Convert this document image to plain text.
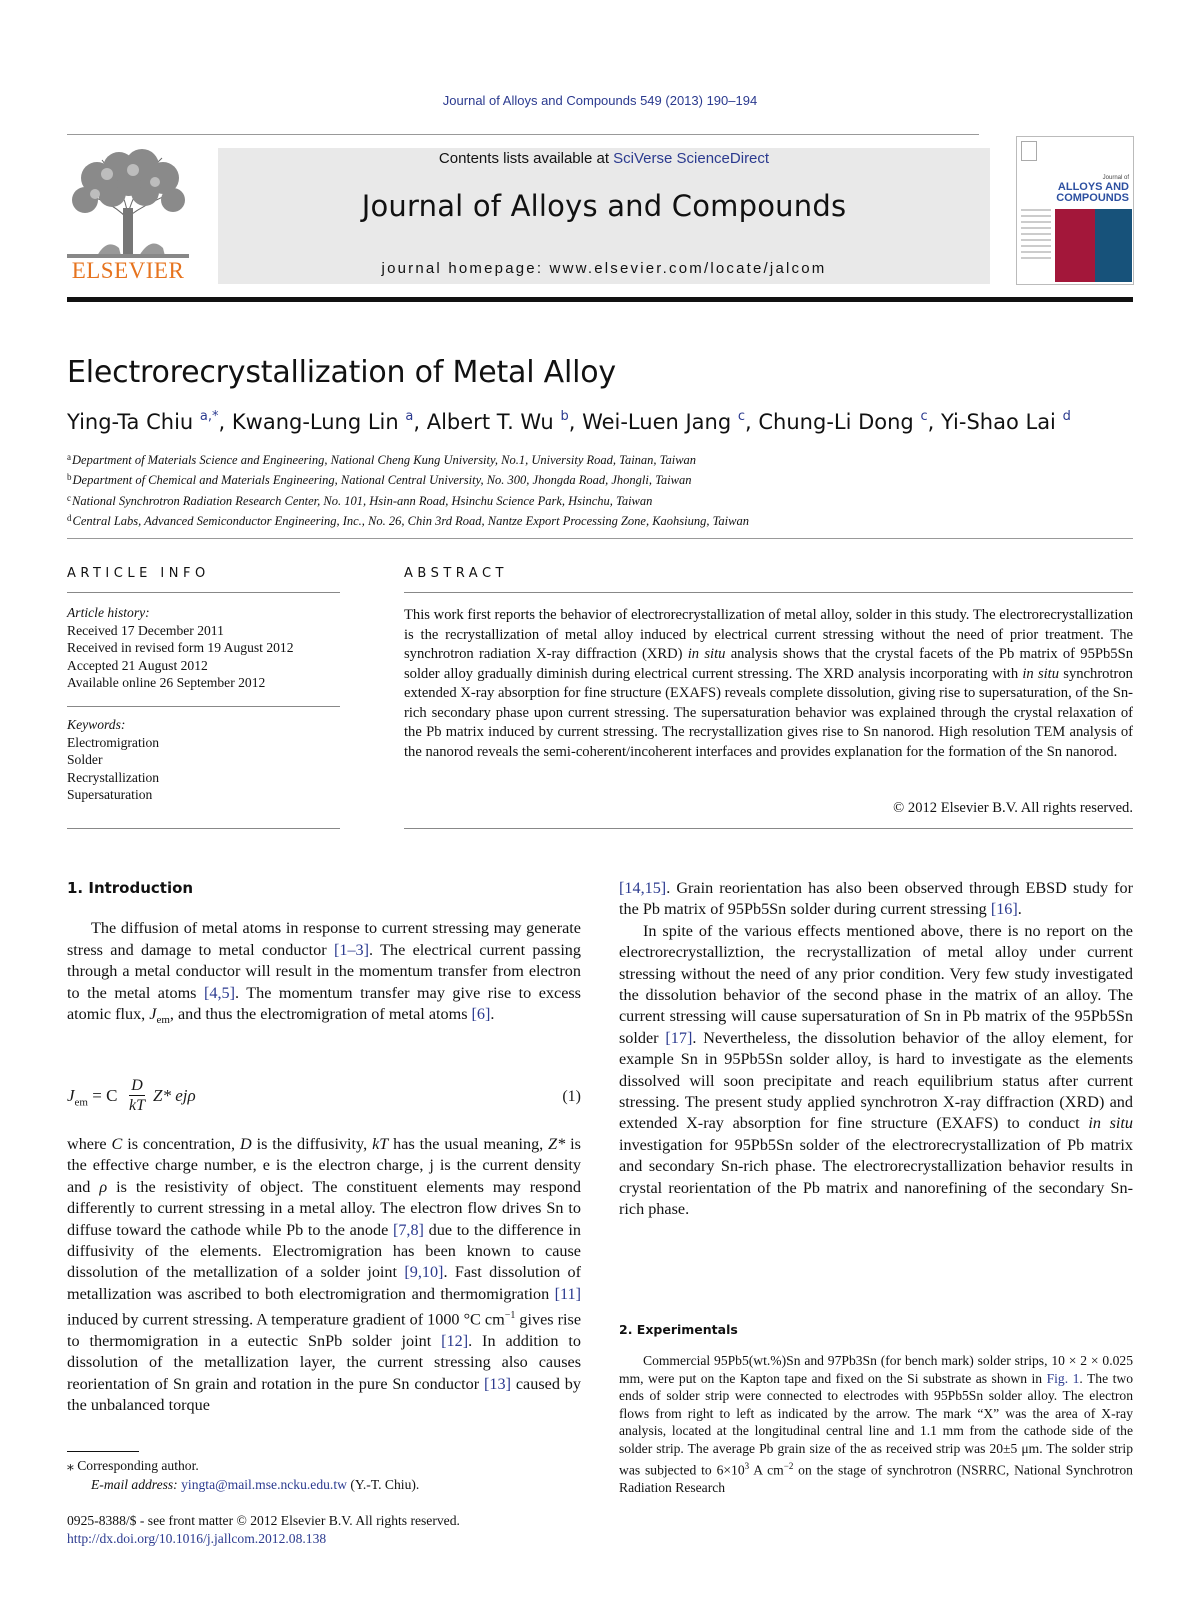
Journal of Alloys and Compounds 549 (2013) 190–194
ELSEVIER
Contents lists available at SciVerse ScienceDirect
Journal of Alloys and Compounds
journal homepage: www.elsevier.com/locate/jalcom
Journal of
ALLOYS AND COMPOUNDS
Electrorecrystallization of Metal Alloy
Ying-Ta Chiu $^{a,*}$, Kwang-Lung Lin $^a$, Albert T. Wu $^b$, Wei-Luen Jang $^c$, Chung-Li Dong $^c$, Yi-Shao Lai $^d$
$^a$Department of Materials Science and Engineering, National Cheng Kung University, No.1, University Road, Tainan, Taiwan
$^b$Department of Chemical and Materials Engineering, National Central University, No. 300, Jhongda Road, Jhongli, Taiwan
$^c$National Synchrotron Radiation Research Center, No. 101, Hsin-ann Road, Hsinchu Science Park, Hsinchu, Taiwan
$^d$Central Labs, Advanced Semiconductor Engineering, Inc., No. 26, Chin 3rd Road, Nantze Export Processing Zone, Kaohsiung, Taiwan
ARTICLE INFO	ABSTRACT
Article history:
Received 17 December 2011
Received in revised form 19 August 2012
Accepted 21 August 2012
Available online 26 September 2012
Keywords:
Electromigration
Solder
Recrystallization
Supersaturation
This work first reports the behavior of electrorecrystallization of metal alloy, solder in this study. The electrorecrystallization is the recrystallization of metal alloy induced by electrical current stressing without the need of prior treatment. The synchrotron radiation X-ray diffraction (XRD) in situ analysis shows that the crystal facets of the Pb matrix of 95Pb5Sn solder alloy gradually diminish during electrical current stressing. The XRD analysis incorporating with in situ synchrotron extended X-ray absorption for fine structure (EXAFS) reveals complete dissolution, giving rise to supersaturation, of the Sn-rich secondary phase upon current stressing. The supersaturation behavior was explained through the crystal relaxation of the Pb matrix induced by current stressing. The recrystallization gives rise to Sn nanorod. High resolution TEM analysis of the nanorod reveals the semi-coherent/incoherent interfaces and provides explanation for the formation of the Sn nanorod.
© 2012 Elsevier B.V. All rights reserved.
1. Introduction

The diffusion of metal atoms in response to current stressing may generate stress and damage to metal conductor [1–3]. The electrical current passing through a metal conductor will result in the momentum transfer from electron to the metal atoms [4,5]. The momentum transfer may give rise to excess atomic flux, $J_{em}$, and thus the electromigration of metal atoms [6].

$J_{em} = C \frac{D}{kT} Z*$ ejρ	(1)

where C is concentration, D is the diffusivity, kT has the usual meaning, Z* is the effective charge number, e is the electron charge, j is the current density and ρ is the resistivity of object. The constituent elements may respond differently to current stressing in a metal alloy. The electron flow drives Sn to diffuse toward the cathode while Pb to the anode [7,8] due to the difference in diffusivity of the elements. Electromigration has been known to cause dissolution of the metallization of a solder joint [9,10]. Fast dissolution of metallization was ascribed to both electromigration and thermomigration [11] induced by current stressing. A temperature gradient of 1000 °C $cm^{-1}$ gives rise to thermomigration in a eutectic SnPb solder joint [12]. In addition to dissolution of the metallization layer, the current stressing also causes reorientation of Sn grain and rotation in the pure Sn conductor [13] caused by the unbalanced torque

[14,15]. Grain reorientation has also been observed through EBSD study for the Pb matrix of 95Pb5Sn solder during current stressing [16].

In spite of the various effects mentioned above, there is no report on the electrorecrystalliztion, the recrystallization of metal alloy under current stressing without the need of any prior condition. Very few study investigated the dissolution behavior of the second phase in the matrix of an alloy. The current stressing will cause supersaturation of Sn in Pb matrix of the 95Pb5Sn solder [17]. Nevertheless, the dissolution behavior of the alloy element, for example Sn in 95Pb5Sn solder alloy, is hard to investigate as the elements dissolved will soon precipitate and reach equilibrium status after current stressing. The present study applied synchrotron X-ray diffraction (XRD) and extended X-ray absorption for fine structure (EXAFS) to conduct in situ investigation for 95Pb5Sn solder of the electrorecrystallization of Pb matrix and secondary Sn-rich phase. The electrorecrystallization behavior results in crystal reorientation of the Pb matrix and nanorefining of the secondary Sn-rich phase.

2. Experimentals

Commercial 95Pb5(wt.%)Sn and 97Pb3Sn (for bench mark) solder strips, 10 × 2 × 0.025 mm, were put on the Kapton tape and fixed on the Si substrate as shown in Fig. 1. The two ends of solder strip were connected to electrodes with 95Pb5Sn solder alloy. The electron flows from right to left as indicated by the arrow. The mark “X” was the area of X-ray analysis, located at the longitudinal central line and 1.1 mm from the cathode side of the solder strip. The average Pb grain size of the as received strip was 20±5 μm. The solder strip was subjected to $6\times 10^3$ A $cm^{-2}$ on the stage of synchrotron (NSRRC, National Synchrotron Radiation Research

⁎ Corresponding author.
E-mail address: yingta@mail.mse.ncku.edu.tw (Y.-T. Chiu).
0925-8388/$ - see front matter © 2012 Elsevier B.V. All rights reserved.
http://dx.doi.org/10.1016/j.jallcom.2012.08.138
